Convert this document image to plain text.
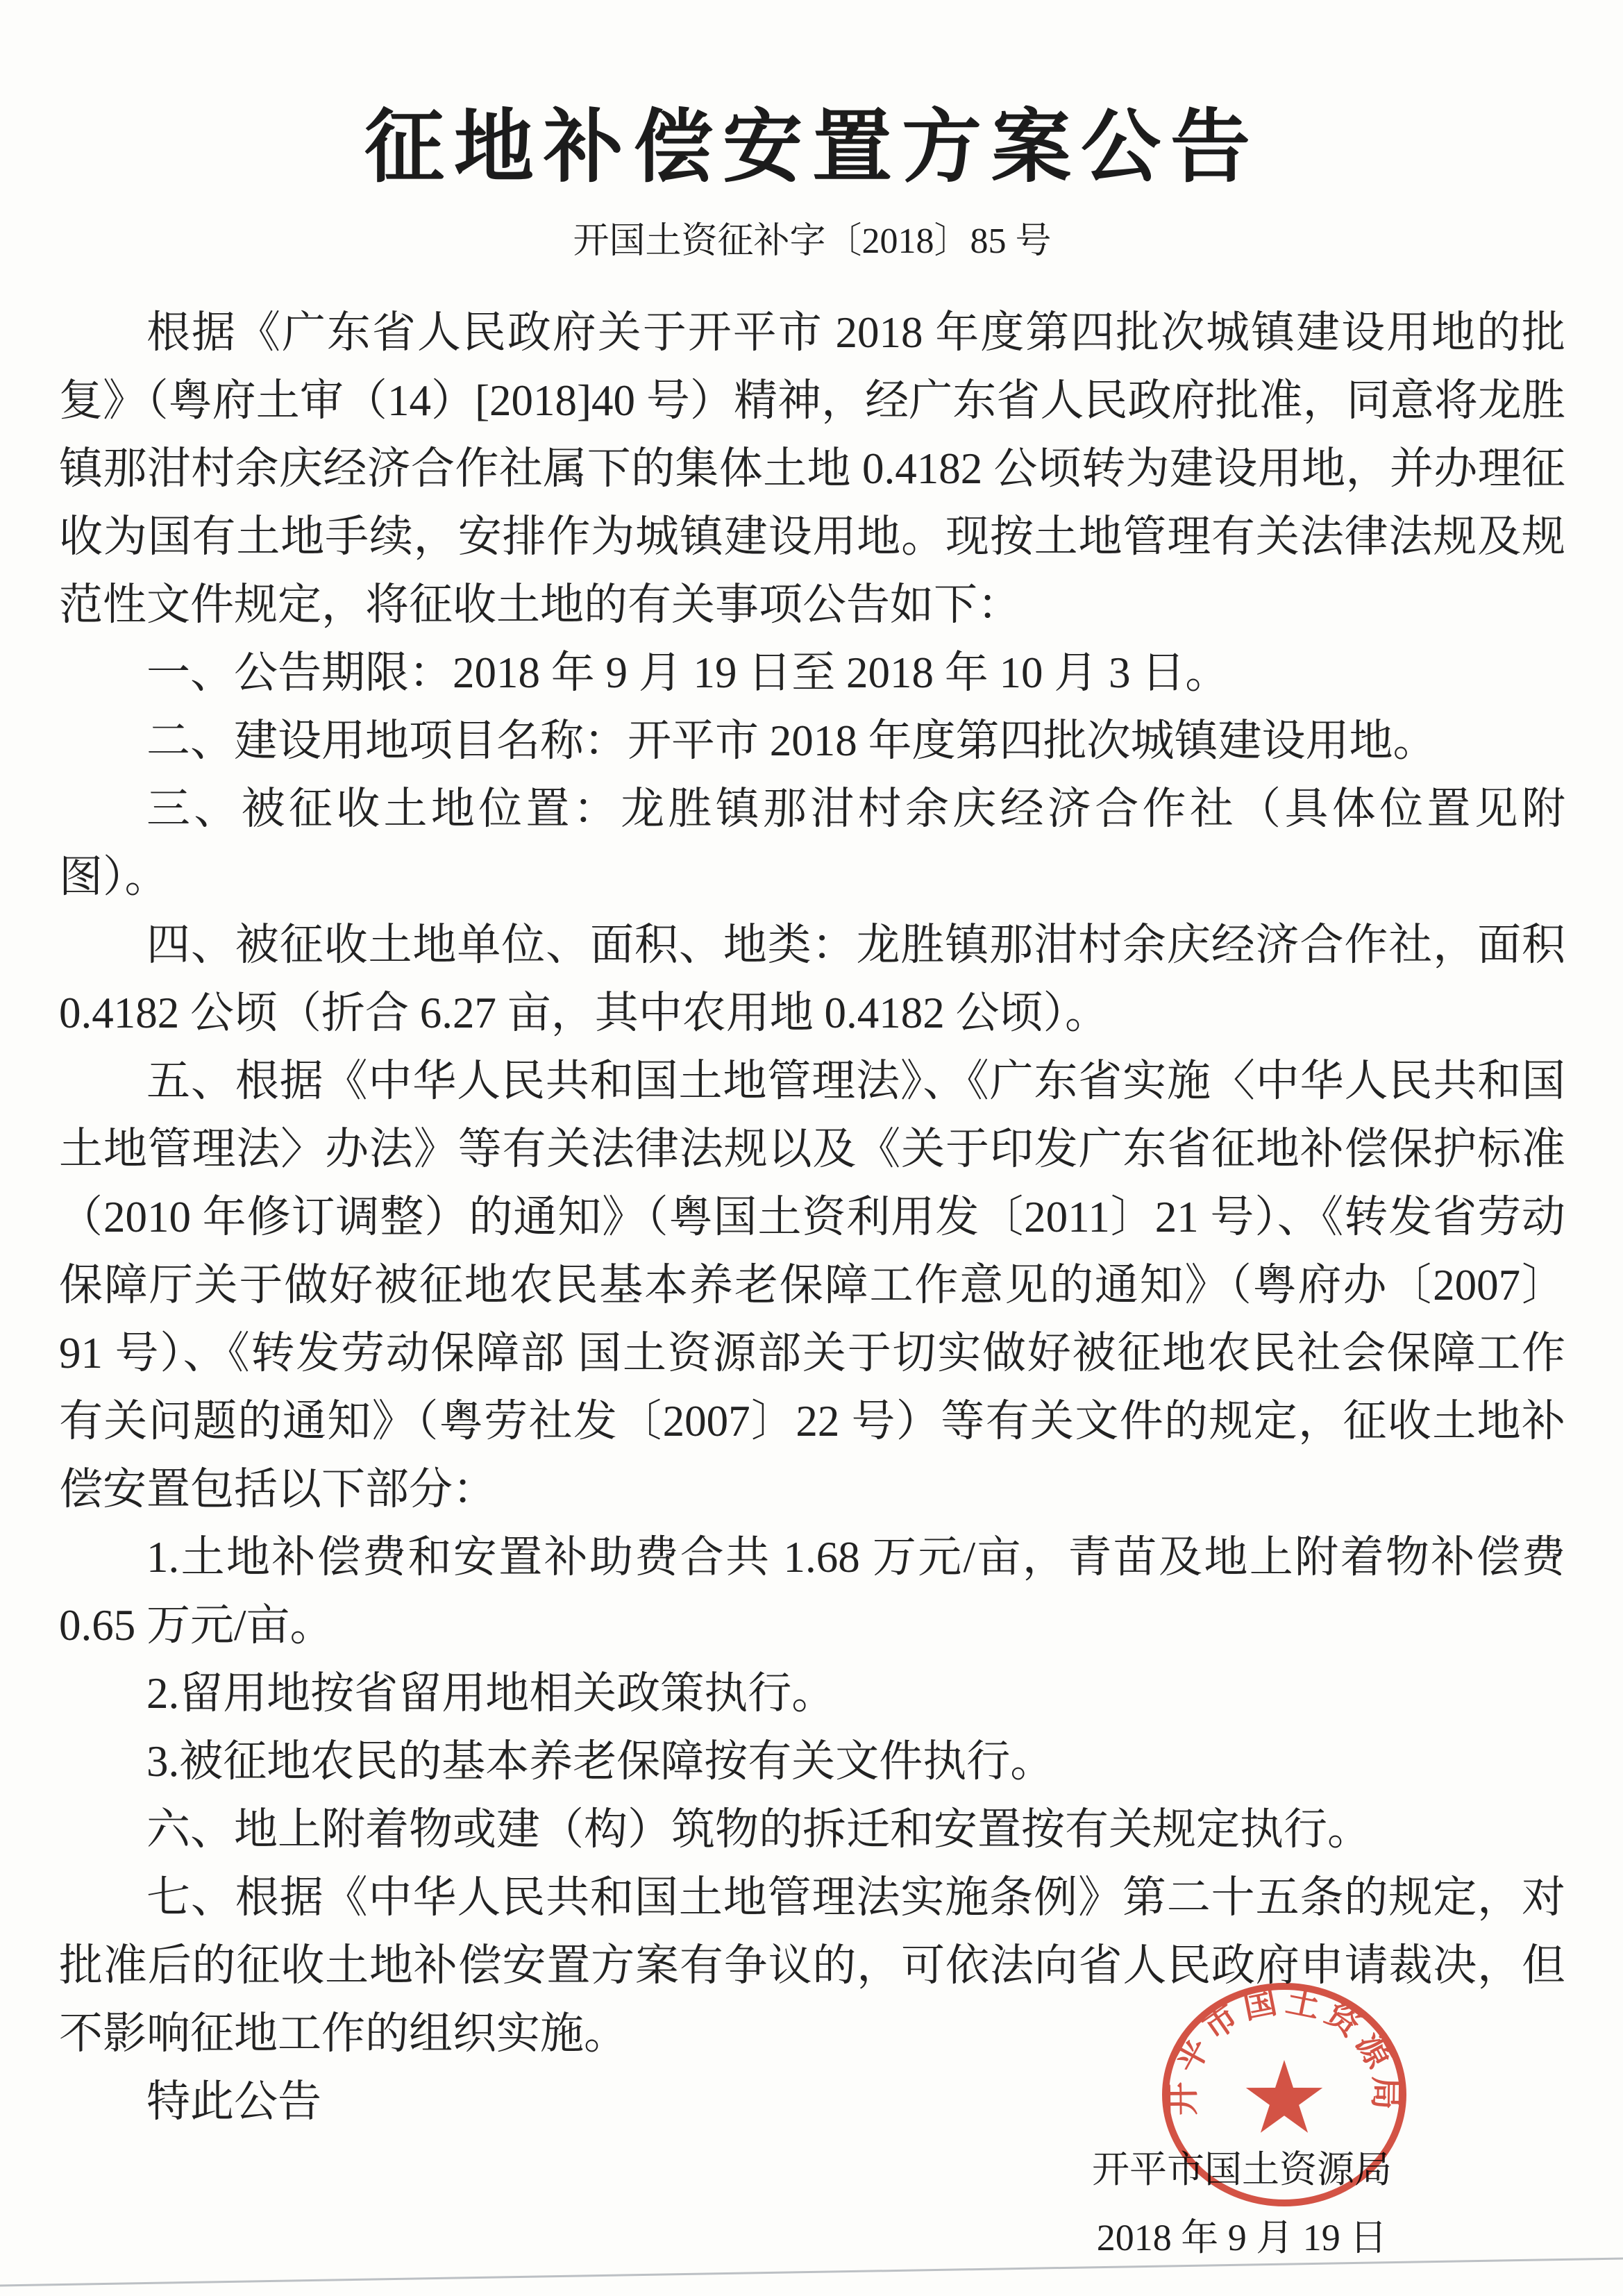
征地补偿安置方案公告
开国土资征补字〔2018〕85 号

根据《广东省人民政府关于开平市 2018 年度第四批次城镇建设用地的批复》（粤府土审（14）[2018]40 号）精神，经广东省人民政府批准，同意将龙胜镇那泔村余庆经济合作社属下的集体土地 0.4182 公顷转为建设用地，并办理征收为国有土地手续，安排作为城镇建设用地。现按土地管理有关法律法规及规范性文件规定，将征收土地的有关事项公告如下：

一、公告期限：2018 年 9 月 19 日至 2018 年 10 月 3 日。

二、建设用地项目名称：开平市 2018 年度第四批次城镇建设用地。

三、被征收土地位置：龙胜镇那泔村余庆经济合作社（具体位置见附图）。

四、被征收土地单位、面积、地类：龙胜镇那泔村余庆经济合作社，面积 0.4182 公顷（折合 6.27 亩，其中农用地 0.4182 公顷）。

五、根据《中华人民共和国土地管理法》、《广东省实施〈中华人民共和国土地管理法〉办法》等有关法律法规以及《关于印发广东省征地补偿保护标准（2010 年修订调整）的通知》（粤国土资利用发〔2011〕21 号）、《转发省劳动保障厅关于做好被征地农民基本养老保障工作意见的通知》（粤府办〔2007〕91 号）、《转发劳动保障部 国土资源部关于切实做好被征地农民社会保障工作有关问题的通知》（粤劳社发〔2007〕22 号）等有关文件的规定，征收土地补偿安置包括以下部分：

1.土地补偿费和安置补助费合共 1.68 万元/亩，青苗及地上附着物补偿费 0.65 万元/亩。

2.留用地按省留用地相关政策执行。

3.被征地农民的基本养老保障按有关文件执行。

六、地上附着物或建（构）筑物的拆迁和安置按有关规定执行。

七、根据《中华人民共和国土地管理法实施条例》第二十五条的规定，对批准后的征收土地补偿安置方案有争议的，可依法向省人民政府申请裁决，但不影响征地工作的组织实施。

特此公告

开平市国土资源局
2018 年 9 月 19 日
开平市国土资源局
